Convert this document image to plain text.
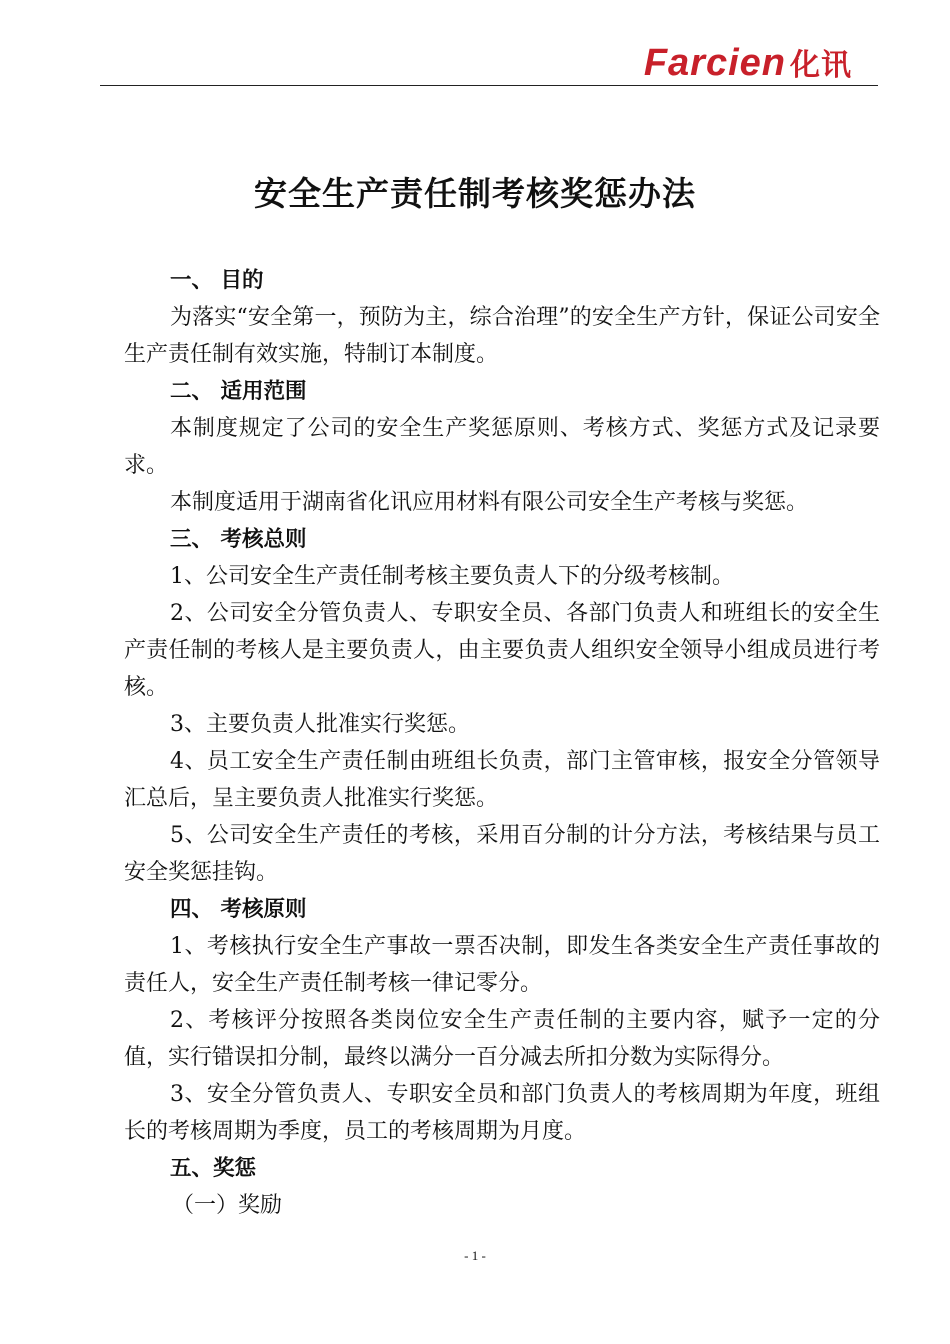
Farcien 化讯
安全生产责任制考核奖惩办法
一、 目的
为落实“安全第一，预防为主，综合治理”的安全生产方针，保证公司安全生产责任制有效实施，特制订本制度。
二、 适用范围
本制度规定了公司的安全生产奖惩原则、考核方式、奖惩方式及记录要求。
本制度适用于湖南省化讯应用材料有限公司安全生产考核与奖惩。
三、 考核总则
1、公司安全生产责任制考核主要负责人下的分级考核制。
2、公司安全分管负责人、专职安全员、各部门负责人和班组长的安全生产责任制的考核人是主要负责人，由主要负责人组织安全领导小组成员进行考核。
3、主要负责人批准实行奖惩。
4、员工安全生产责任制由班组长负责，部门主管审核，报安全分管领导汇总后，呈主要负责人批准实行奖惩。
5、公司安全生产责任的考核，采用百分制的计分方法，考核结果与员工安全奖惩挂钩。
四、 考核原则
1、考核执行安全生产事故一票否决制，即发生各类安全生产责任事故的责任人，安全生产责任制考核一律记零分。
2、考核评分按照各类岗位安全生产责任制的主要内容，赋予一定的分值，实行错误扣分制，最终以满分一百分减去所扣分数为实际得分。
3、安全分管负责人、专职安全员和部门负责人的考核周期为年度，班组长的考核周期为季度，员工的考核周期为月度。
五、奖惩
（一）奖励
- 1 -
